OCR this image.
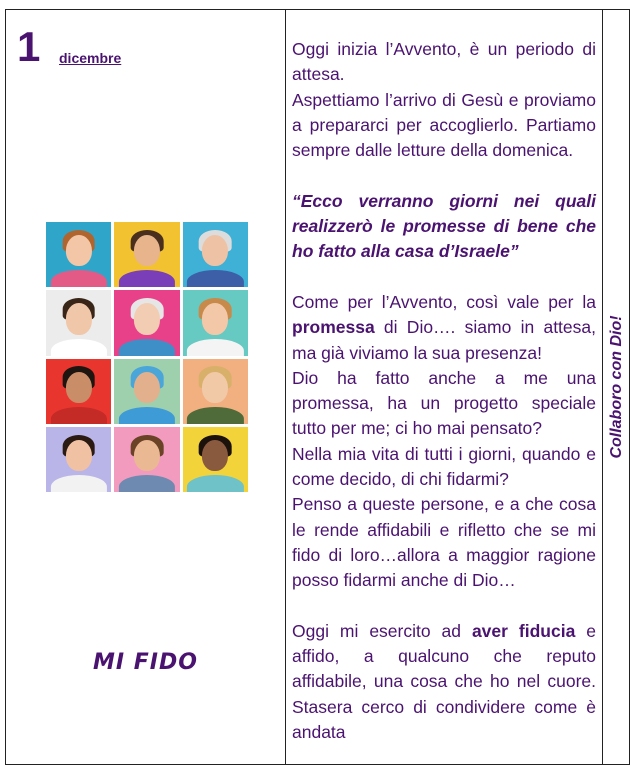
1 dicembre
MI FIDO

Oggi inizia l’Avvento, è un periodo di attesa.

Aspettiamo l’arrivo di Gesù e proviamo a prepararci per accoglierlo. Partiamo sempre dalle letture della domenica.

“Ecco verranno giorni nei quali realizzerò le promesse di bene che ho fatto alla casa d’Israele”

Come per l’Avvento, così vale per la promessa di Dio…. siamo in attesa, ma già viviamo la sua presenza!

Dio ha fatto anche a me una promessa, ha un progetto speciale tutto per me; ci ho mai pensato?

Nella mia vita di tutti i giorni, quando e come decido, di chi fidarmi?

Penso a queste persone, e a che cosa le rende affidabili e rifletto che se mi fido di loro…allora a maggior ragione posso fidarmi anche di Dio…

Oggi mi esercito ad aver fiducia e affido, a qualcuno che reputo affidabile, una cosa che ho nel cuore. Stasera cerco di condividere come è andata

Collaboro con Dio!
